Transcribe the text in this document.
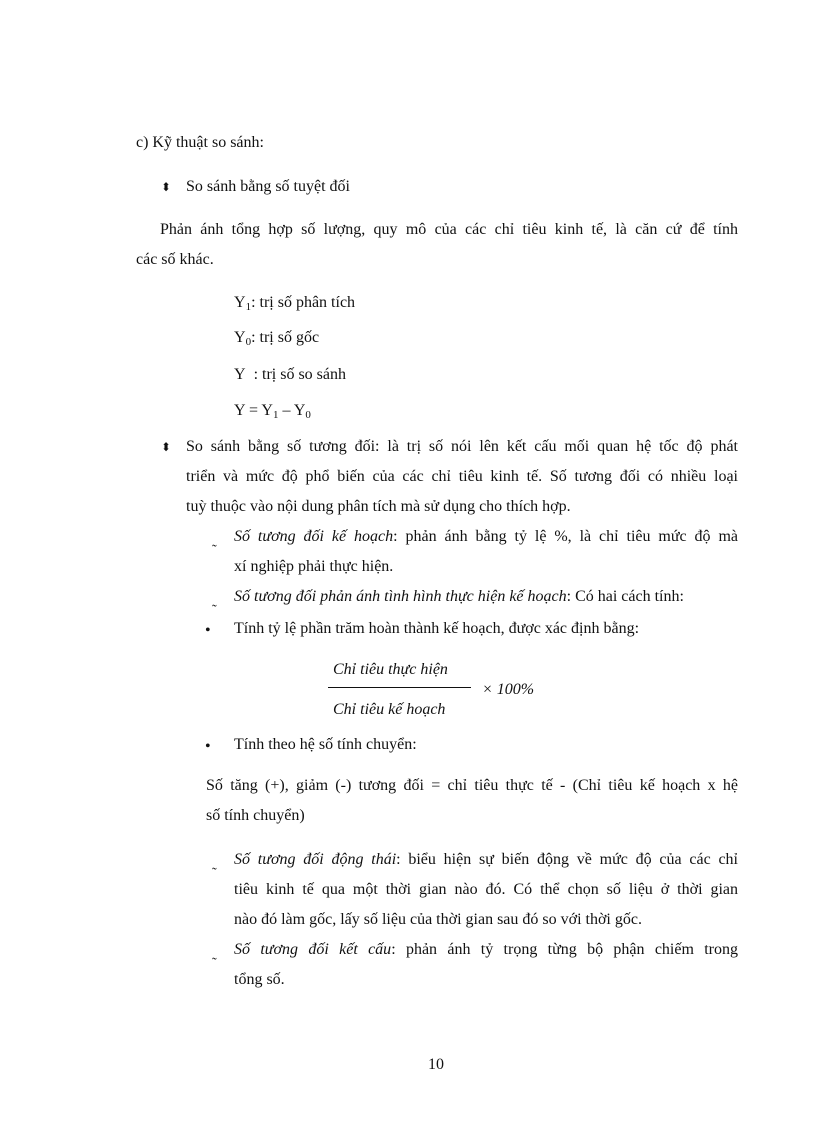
c) Kỹ thuật so sánh:
⬍ So sánh bằng số tuyệt đối
Phản ánh tổng hợp số lượng, quy mô của các chỉ tiêu kinh tế, là căn cứ để tính
các số khác.
$Y_1$: trị số phân tích
$Y_0$: trị số gốc
Y : trị số so sánh
$Y = Y_1 - Y_0$
⬍ So sánh bằng số tương đối: là trị số nói lên kết cấu mối quan hệ tốc độ phát
triển và mức độ phổ biến của các chỉ tiêu kinh tế. Số tương đối có nhiều loại
tuỳ thuộc vào nội dung phân tích mà sử dụng cho thích hợp.
˷ Số tương đối kế hoạch: phản ánh bằng tỷ lệ %, là chỉ tiêu mức độ mà
xí nghiệp phải thực hiện.
˷ Số tương đối phản ánh tình hình thực hiện kế hoạch: Có hai cách tính:
• Tính tỷ lệ phần trăm hoàn thành kế hoạch, được xác định bằng:
Chỉ tiêu thực hiện
× 100%
Chỉ tiêu kế hoạch
• Tính theo hệ số tính chuyển:
Số tăng (+), giảm (-) tương đối = chỉ tiêu thực tế - (Chỉ tiêu kế hoạch x hệ
số tính chuyển)
˷ Số tương đối động thái: biểu hiện sự biến động về mức độ của các chỉ
tiêu kinh tế qua một thời gian nào đó. Có thể chọn số liệu ở thời gian
nào đó làm gốc, lấy số liệu của thời gian sau đó so với thời gốc.
˷ Số tương đối kết cấu: phản ánh tỷ trọng từng bộ phận chiếm trong
tổng số.
10
